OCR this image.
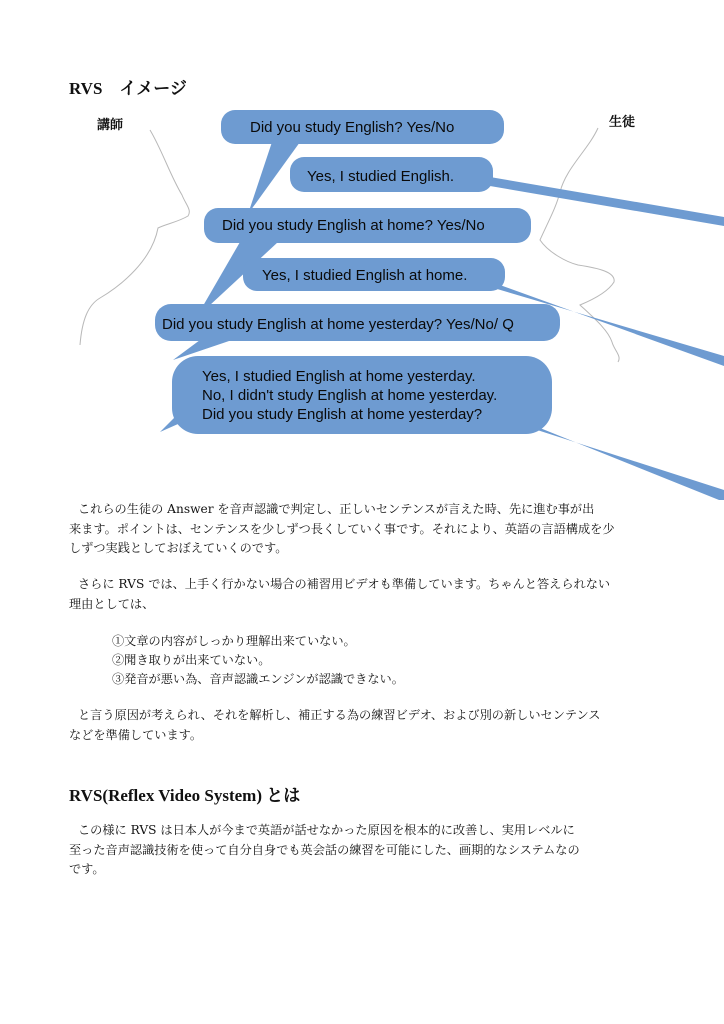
RVS　イメージ
講師	生徒
Did you study English? Yes/No
Yes, I studied English.
Did you study English at home? Yes/No
Yes, I studied English at home.
Did you study English at home yesterday? Yes/No/ Q
Yes, I studied English at home yesterday.
No, I didn't study English at home yesterday.
Did you study English at home yesterday?

これらの生徒の Answer を音声認識で判定し、正しいセンテンスが言えた時、先に進む事が出
来ます。ポイントは、センテンスを少しずつ長くしていく事です。それにより、英語の言語構成を少
しずつ実践としておぼえていくのです。

さらに RVS では、上手く行かない場合の補習用ビデオも準備しています。ちゃんと答えられない
理由としては、

①文章の内容がしっかり理解出来ていない。

②聞き取りが出来ていない。

③発音が悪い為、音声認識エンジンが認識できない。

と言う原因が考えられ、それを解析し、補正する為の練習ビデオ、および別の新しいセンテンス
などを準備しています。

RVS(Reflex Video System) とは

この様に RVS は日本人が今まで英語が話せなかった原因を根本的に改善し、実用レベルに
至った音声認識技術を使って自分自身でも英会話の練習を可能にした、画期的なシステムなの
です。
